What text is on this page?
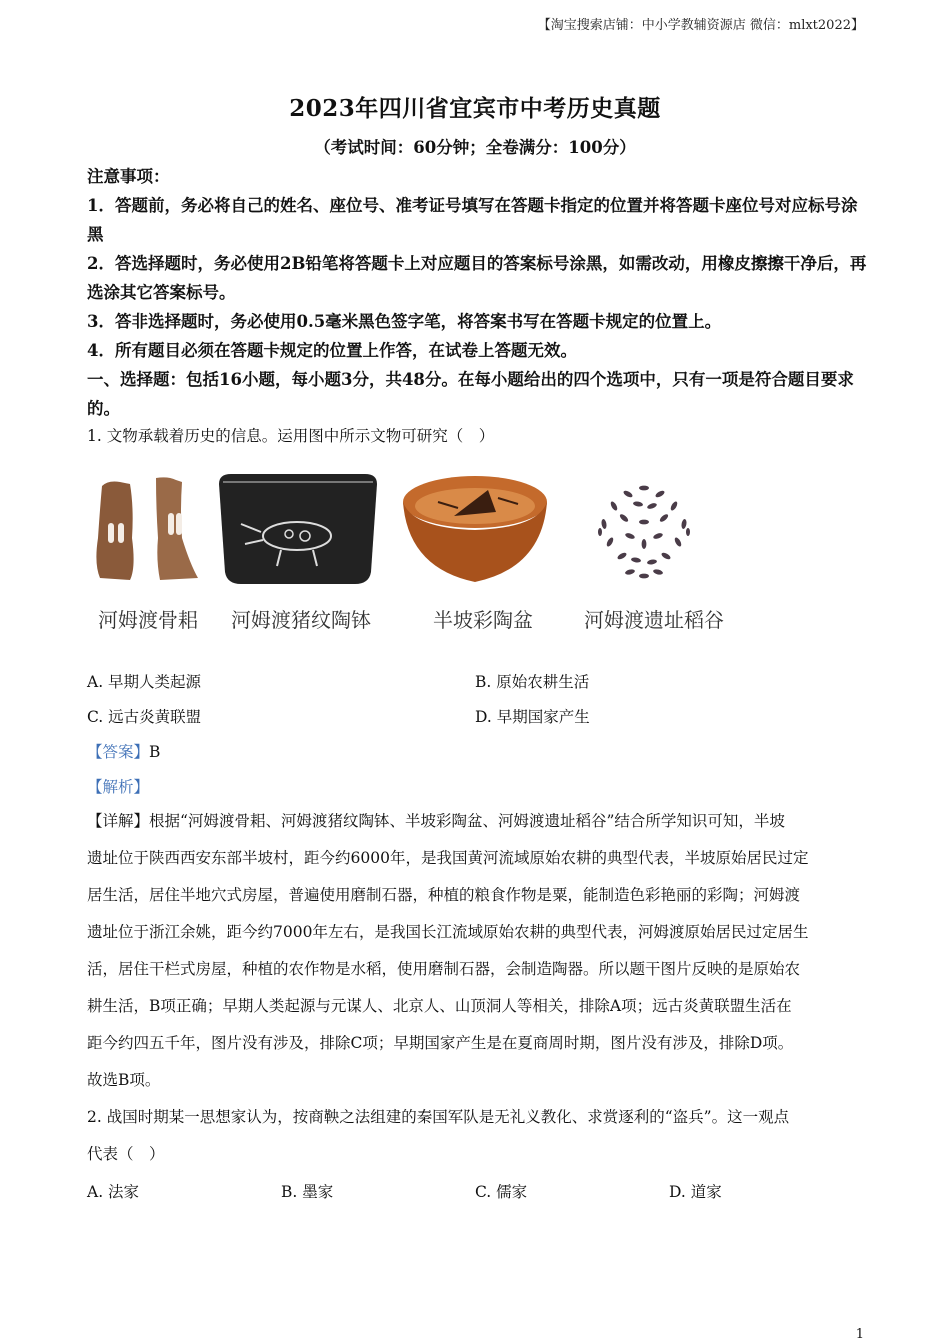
【淘宝搜索店铺：中小学教辅资源店 微信：mlxt2022】
2023年四川省宜宾市中考历史真题
（考试时间：60分钟；全卷满分：100分）
注意事项：
1．答题前，务必将自己的姓名、座位号、准考证号填写在答题卡指定的位置并将答题卡座位号对应标号涂黑
2．答选择题时，务必使用2B铅笔将答题卡上对应题目的答案标号涂黑，如需改动，用橡皮擦擦干净后，再选涂其它答案标号。
3．答非选择题时，务必使用0.5毫米黑色签字笔，将答案书写在答题卡规定的位置上。
4．所有题目必须在答题卡规定的位置上作答，在试卷上答题无效。
一、选择题：包括16小题，每小题3分，共48分。在每小题给出的四个选项中，只有一项是符合题目要求的。
1. 文物承载着历史的信息。运用图中所示文物可研究（　）
河姆渡骨耜 河姆渡猪纹陶钵	半坡彩陶盆	河姆渡遗址稻谷
A. 早期人类起源	B. 原始农耕生活
C. 远古炎黄联盟	D. 早期国家产生
【答案】B
【解析】
【详解】根据“河姆渡骨耜、河姆渡猪纹陶钵、半坡彩陶盆、河姆渡遗址稻谷”结合所学知识可知，半坡
遗址位于陕西西安东部半坡村，距今约6000年，是我国黄河流域原始农耕的典型代表，半坡原始居民过定
居生活，居住半地穴式房屋，普遍使用磨制石器，种植的粮食作物是粟，能制造色彩艳丽的彩陶；河姆渡
遗址位于浙江余姚，距今约7000年左右，是我国长江流域原始农耕的典型代表，河姆渡原始居民过定居生
活，居住干栏式房屋，种植的农作物是水稻，使用磨制石器，会制造陶器。所以题干图片反映的是原始农
耕生活，B项正确；早期人类起源与元谋人、北京人、山顶洞人等相关，排除A项；远古炎黄联盟生活在
距今约四五千年，图片没有涉及，排除C项；早期国家产生是在夏商周时期，图片没有涉及，排除D项。
故选B项。
2. 战国时期某一思想家认为，按商鞅之法组建的秦国军队是无礼义教化、求赏逐利的“盗兵”。这一观点
代表（　）
A. 法家	B. 墨家	C. 儒家	D. 道家
1
